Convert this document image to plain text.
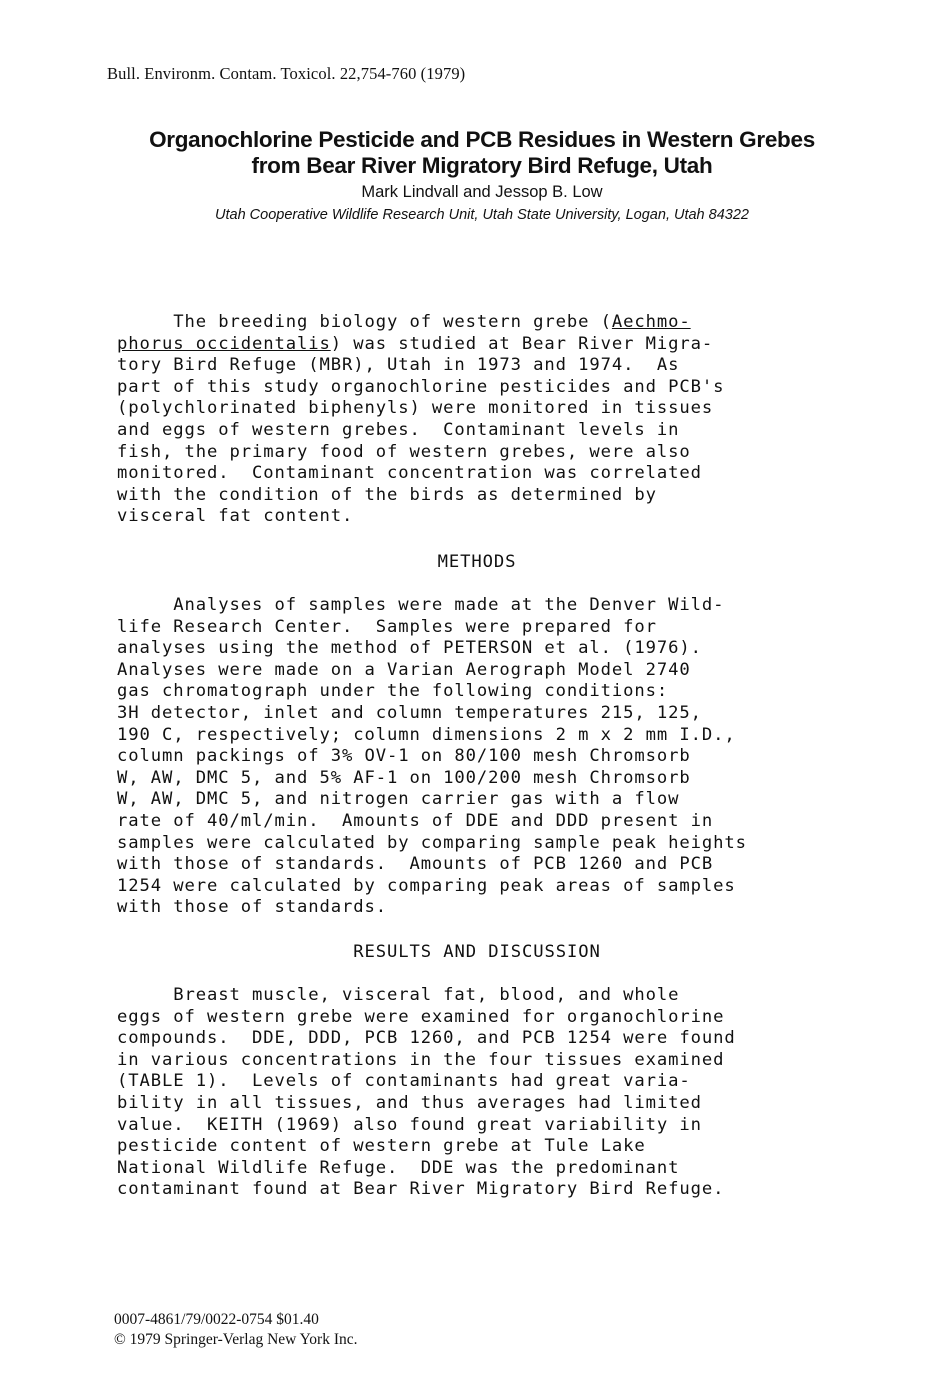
Bull. Environm. Contam. Toxicol. 22,754-760 (1979)
Organochlorine Pesticide and PCB Residues in Western Grebes
from Bear River Migratory Bird Refuge, Utah
Mark Lindvall and Jessop B. Low
Utah Cooperative Wildlife Research Unit, Utah State University, Logan, Utah 84322
The breeding biology of western grebe (Aechmo-
phorus occidentalis) was studied at Bear River Migra-
tory Bird Refuge (MBR), Utah in 1973 and 1974.  As
part of this study organochlorine pesticides and PCB's
(polychlorinated biphenyls) were monitored in tissues
and eggs of western grebes.  Contaminant levels in
fish, the primary food of western grebes, were also
monitored.  Contaminant concentration was correlated
with the condition of the birds as determined by
visceral fat content.
METHODS
Analyses of samples were made at the Denver Wild-
life Research Center.  Samples were prepared for
analyses using the method of PETERSON et al. (1976).
Analyses were made on a Varian Aerograph Model 2740
gas chromatograph under the following conditions:
3H detector, inlet and column temperatures 215, 125,
190 C, respectively; column dimensions 2 m x 2 mm I.D.,
column packings of 3% OV-1 on 80/100 mesh Chromsorb
W, AW, DMC 5, and 5% AF-1 on 100/200 mesh Chromsorb
W, AW, DMC 5, and nitrogen carrier gas with a flow
rate of 40/ml/min.  Amounts of DDE and DDD present in
samples were calculated by comparing sample peak heights
with those of standards.  Amounts of PCB 1260 and PCB
1254 were calculated by comparing peak areas of samples
with those of standards.
RESULTS AND DISCUSSION
Breast muscle, visceral fat, blood, and whole
eggs of western grebe were examined for organochlorine
compounds.  DDE, DDD, PCB 1260, and PCB 1254 were found
in various concentrations in the four tissues examined
(TABLE 1).  Levels of contaminants had great varia-
bility in all tissues, and thus averages had limited
value.  KEITH (1969) also found great variability in
pesticide content of western grebe at Tule Lake
National Wildlife Refuge.  DDE was the predominant
contaminant found at Bear River Migratory Bird Refuge.
0007-4861/79/0022-0754 $01.40
© 1979 Springer-Verlag New York Inc.
